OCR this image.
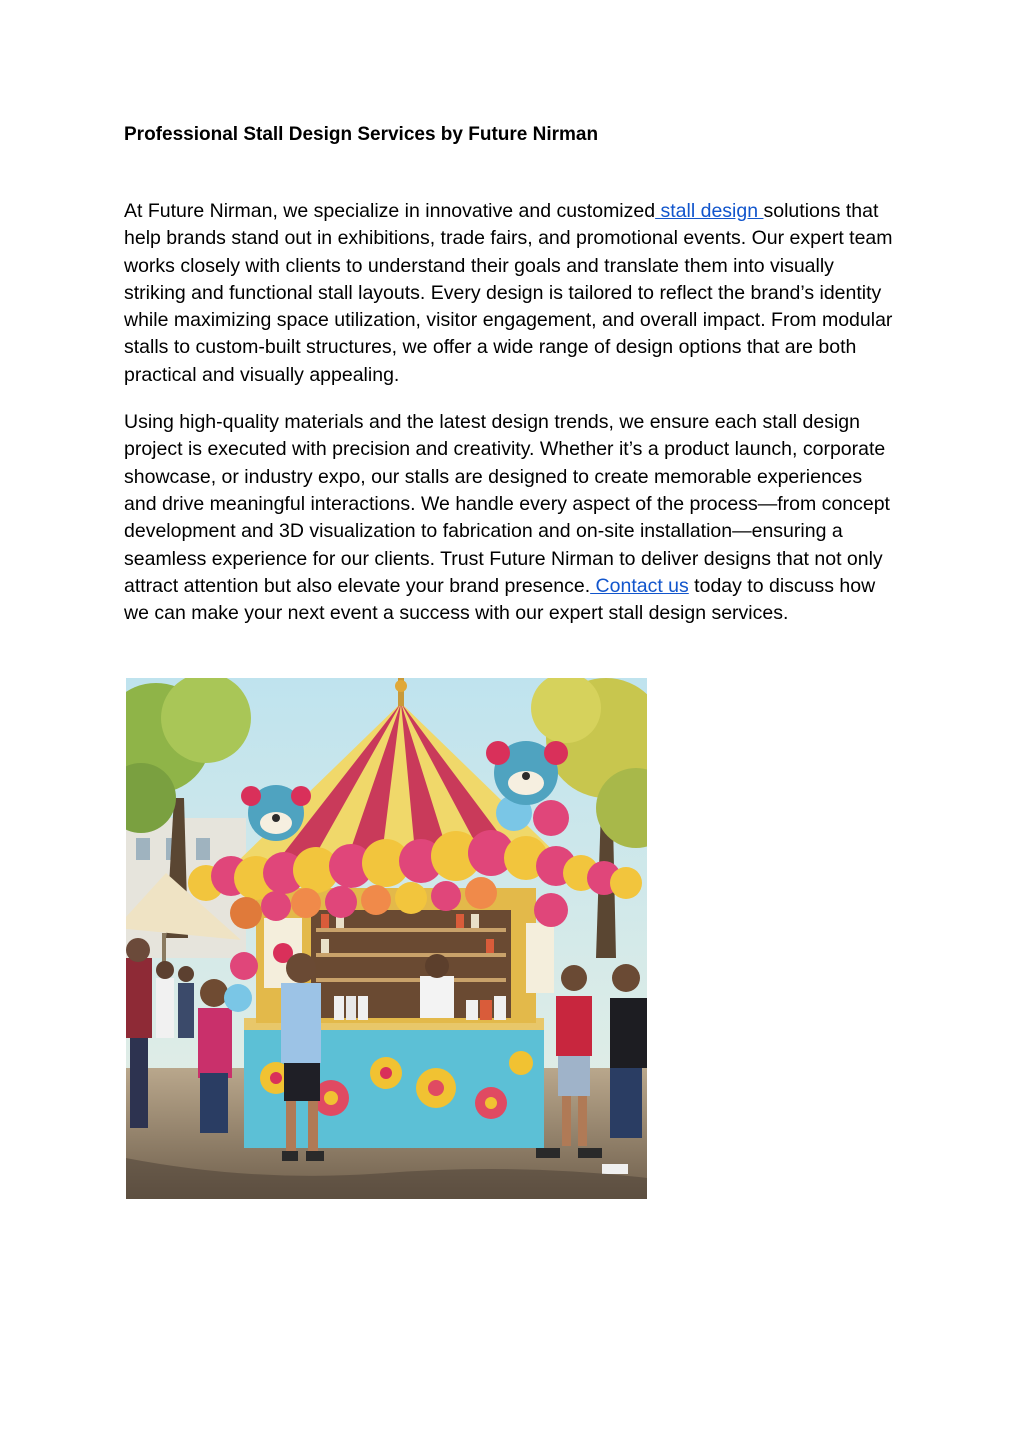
Professional Stall Design Services by Future Nirman

At Future Nirman, we specialize in innovative and customized stall design solutions that help brands stand out in exhibitions, trade fairs, and promotional events. Our expert team works closely with clients to understand their goals and translate them into visually striking and functional stall layouts. Every design is tailored to reflect the brand’s identity while maximizing space utilization, visitor engagement, and overall impact. From modular stalls to custom-built structures, we offer a wide range of design options that are both practical and visually appealing.

Using high-quality materials and the latest design trends, we ensure each stall design project is executed with precision and creativity. Whether it’s a product launch, corporate showcase, or industry expo, our stalls are designed to create memorable experiences and drive meaningful interactions. We handle every aspect of the process—from concept development and 3D visualization to fabrication and on-site installation—ensuring a seamless experience for our clients. Trust Future Nirman to deliver designs that not only attract attention but also elevate your brand presence. Contact us today to discuss how we can make your next event a success with our expert stall design services.
